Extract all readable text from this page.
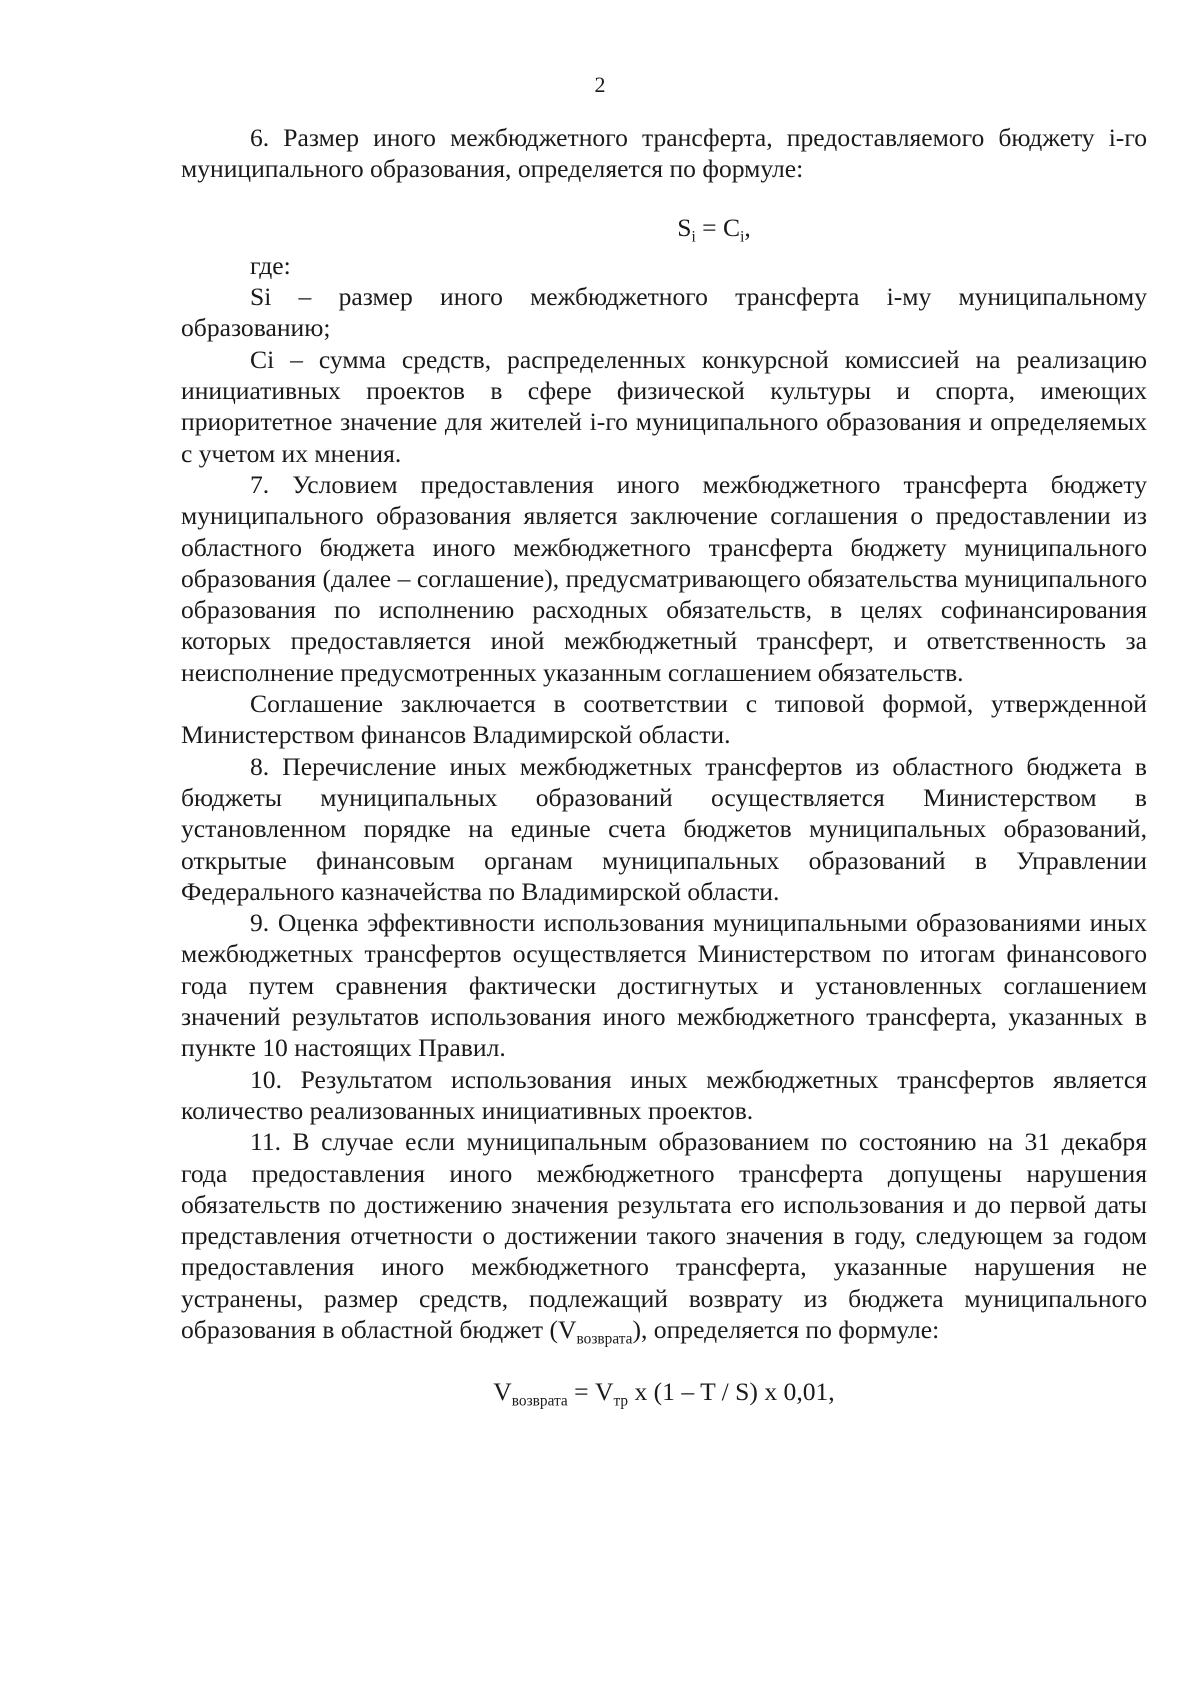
2

6. Размер иного межбюджетного трансферта, предоставляемого бюджету i-го муниципального образования, определяется по формуле:

$S_i = C_i$,

где:

Si – размер иного межбюджетного трансферта i-му муниципальному образованию;

Ci – сумма средств, распределенных конкурсной комиссией на реализацию инициативных проектов в сфере физической культуры и спорта, имеющих приоритетное значение для жителей i-го муниципального образования и определяемых с учетом их мнения.

7. Условием предоставления иного межбюджетного трансферта бюджету муниципального образования является заключение соглашения о предоставлении из областного бюджета иного межбюджетного трансферта бюджету муниципального образования (далее – соглашение), предусматривающего обязательства муниципального образования по исполнению расходных обязательств, в целях софинансирования которых предоставляется иной межбюджетный трансферт, и ответственность за неисполнение предусмотренных указанным соглашением обязательств.

Соглашение заключается в соответствии с типовой формой, утвержденной Министерством финансов Владимирской области.

8. Перечисление иных межбюджетных трансфертов из областного бюджета в бюджеты муниципальных образований осуществляется Министерством в установленном порядке на единые счета бюджетов муниципальных образований, открытые финансовым органам муниципальных образований в Управлении Федерального казначейства по Владимирской области.

9. Оценка эффективности использования муниципальными образованиями иных межбюджетных трансфертов осуществляется Министерством по итогам финансового года путем сравнения фактически достигнутых и установленных соглашением значений результатов использования иного межбюджетного трансферта, указанных в пункте 10 настоящих Правил.

10. Результатом использования иных межбюджетных трансфертов является количество реализованных инициативных проектов.

11. В случае если муниципальным образованием по состоянию на 31 декабря года предоставления иного межбюджетного трансферта допущены нарушения обязательств по достижению значения результата его использования и до первой даты представления отчетности о достижении такого значения в году, следующем за годом предоставления иного межбюджетного трансферта, указанные нарушения не устранены, размер средств, подлежащий возврату из бюджета муниципального образования в областной бюджет $(V_{возврата})$, определяется по формуле:

$V_{возврата} = V_{тр}$ x (1 – T / S) x 0,01,
